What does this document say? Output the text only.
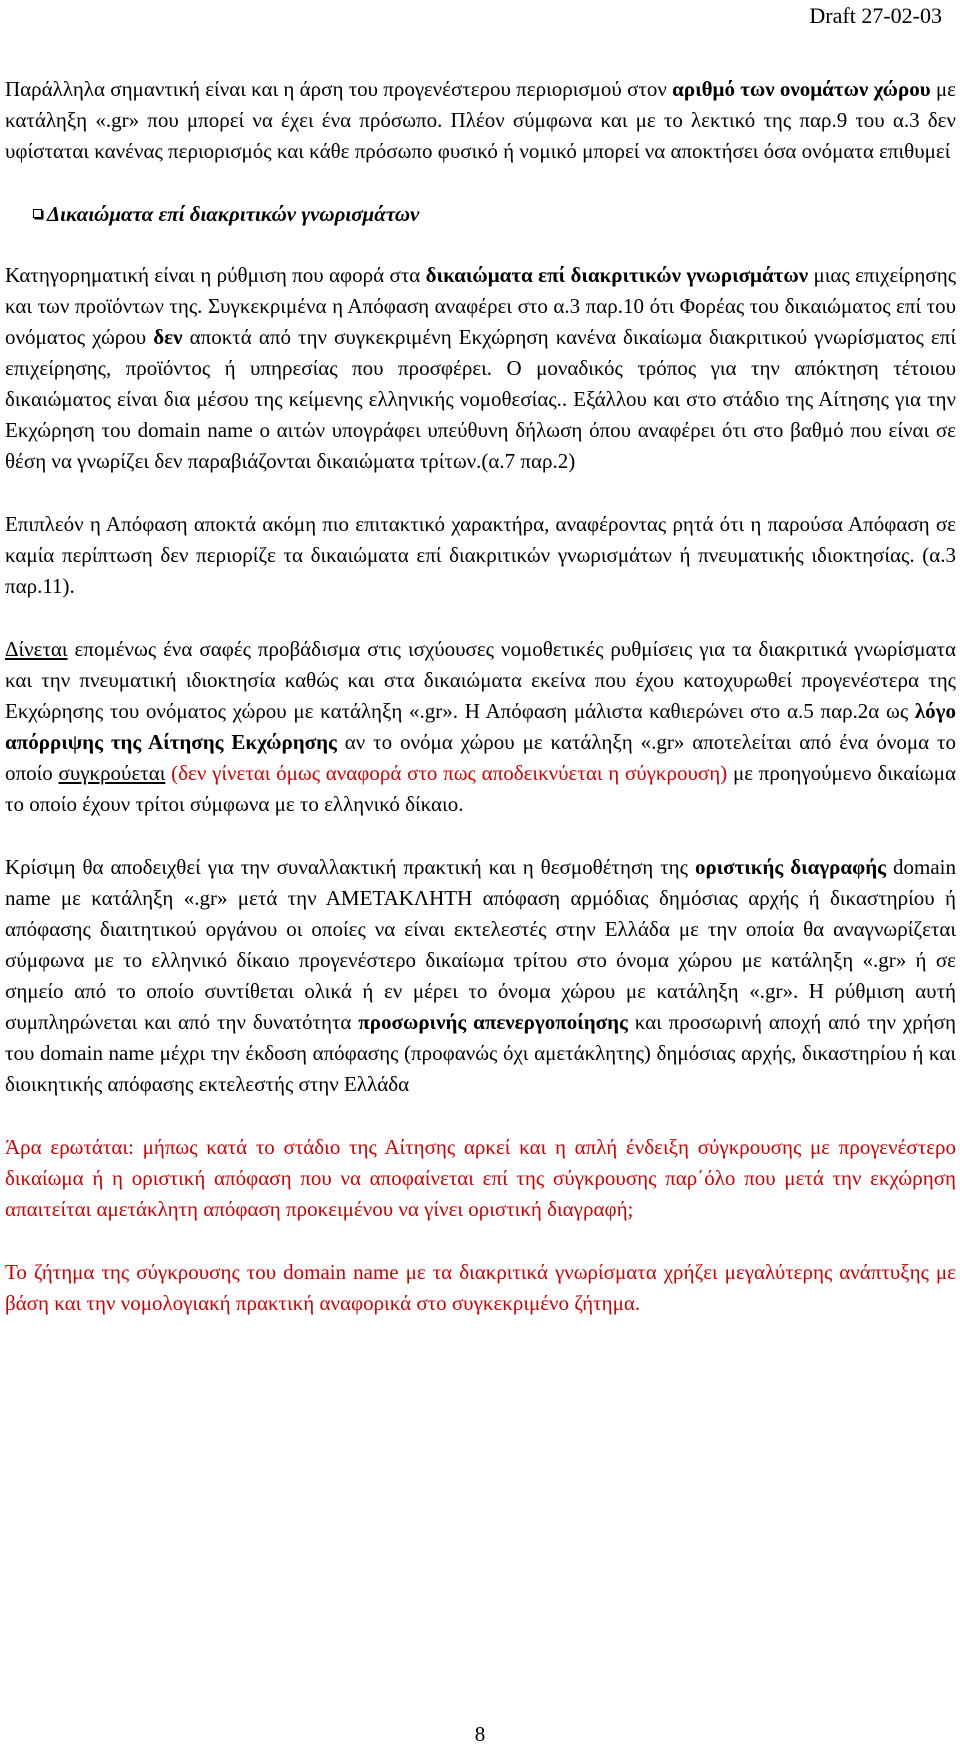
Draft 27-02-03

Παράλληλα σημαντική είναι και η άρση του προγενέστερου περιορισμού στον αριθμό των ονομάτων χώρου με κατάληξη «.gr» που μπορεί να έχει ένα πρόσωπο. Πλέον σύμφωνα και με το λεκτικό της παρ.9 του α.3 δεν υφίσταται κανένας περιορισμός και κάθε πρόσωπο φυσικό ή νομικό μπορεί να αποκτήσει όσα ονόματα επιθυμεί

Δικαιώματα επί διακριτικών γνωρισμάτων

Κατηγορηματική είναι η ρύθμιση που αφορά στα δικαιώματα επί διακριτικών γνωρισμάτων μιας επιχείρησης και των προϊόντων της. Συγκεκριμένα η Απόφαση αναφέρει στο α.3 παρ.10 ότι Φορέας του δικαιώματος επί του ονόματος χώρου δεν αποκτά από την συγκεκριμένη Εκχώρηση κανένα δικαίωμα διακριτικού γνωρίσματος επί επιχείρησης, προϊόντος ή υπηρεσίας που προσφέρει. Ο μοναδικός τρόπος για την απόκτηση τέτοιου δικαιώματος είναι δια μέσου της κείμενης ελληνικής νομοθεσίας.. Εξάλλου και στο στάδιο της Αίτησης για την Εκχώρηση του domain name ο αιτών υπογράφει υπεύθυνη δήλωση όπου αναφέρει ότι στο βαθμό που είναι σε θέση να γνωρίζει δεν παραβιάζονται δικαιώματα τρίτων.(α.7 παρ.2)

Επιπλεόν η Απόφαση αποκτά ακόμη πιο επιτακτικό χαρακτήρα, αναφέροντας ρητά ότι η παρούσα Απόφαση σε καμία περίπτωση δεν περιορίζε τα δικαιώματα επί διακριτικών γνωρισμάτων ή πνευματικής ιδιοκτησίας. (α.3 παρ.11).

Δίνεται επομένως ένα σαφές προβάδισμα στις ισχύουσες νομοθετικές ρυθμίσεις για τα διακριτικά γνωρίσματα και την πνευματική ιδιοκτησία καθώς και στα δικαιώματα εκείνα που έχου κατοχυρωθεί προγενέστερα της Εκχώρησης του ονόματος χώρου με κατάληξη «.gr». Η Απόφαση μάλιστα καθιερώνει στο α.5 παρ.2α ως λόγο απόρριψης της Αίτησης Εκχώρησης αν το ονόμα χώρου με κατάληξη «.gr» αποτελείται από ένα όνομα το οποίο συγκρούεται (δεν γίνεται όμως αναφορά στο πως αποδεικνύεται η σύγκρουση) με προηγούμενο δικαίωμα το οποίο έχουν τρίτοι σύμφωνα με το ελληνικό δίκαιο.

Κρίσιμη θα αποδειχθεί για την συναλλακτική πρακτική και η θεσμοθέτηση της οριστικής διαγραφής domain name με κατάληξη «.gr» μετά την ΑΜΕΤΑΚΛΗΤΗ απόφαση αρμόδιας δημόσιας αρχής ή δικαστηρίου ή απόφασης διαιτητικού οργάνου οι οποίες να είναι εκτελεστές στην Ελλάδα με την οποία θα αναγνωρίζεται σύμφωνα με το ελληνικό δίκαιο προγενέστερο δικαίωμα τρίτου στο όνομα χώρου με κατάληξη «.gr» ή σε σημείο από το οποίο συντίθεται ολικά ή εν μέρει το όνομα χώρου με κατάληξη «.gr». Η ρύθμιση αυτή συμπληρώνεται και από την δυνατότητα προσωρινής απενεργοποίησης και προσωρινή αποχή από την χρήση του domain name μέχρι την έκδοση απόφασης (προφανώς όχι αμετάκλητης) δημόσιας αρχής, δικαστηρίου ή και διοικητικής απόφασης εκτελεστής στην Ελλάδα

Άρα ερωτάται: μήπως κατά το στάδιο της Αίτησης αρκεί και η απλή ένδειξη σύγκρουσης με προγενέστερο δικαίωμα ή η οριστική απόφαση που να αποφαίνεται επί της σύγκρουσης παρ΄όλο που μετά την εκχώρηση απαιτείται αμετάκλητη απόφαση προκειμένου να γίνει οριστική διαγραφή;

Το ζήτημα της σύγκρουσης του domain name με τα διακριτικά γνωρίσματα χρήζει μεγαλύτερης ανάπτυξης με βάση και την νομολογιακή πρακτική αναφορικά στο συγκεκριμένο ζήτημα.

8
